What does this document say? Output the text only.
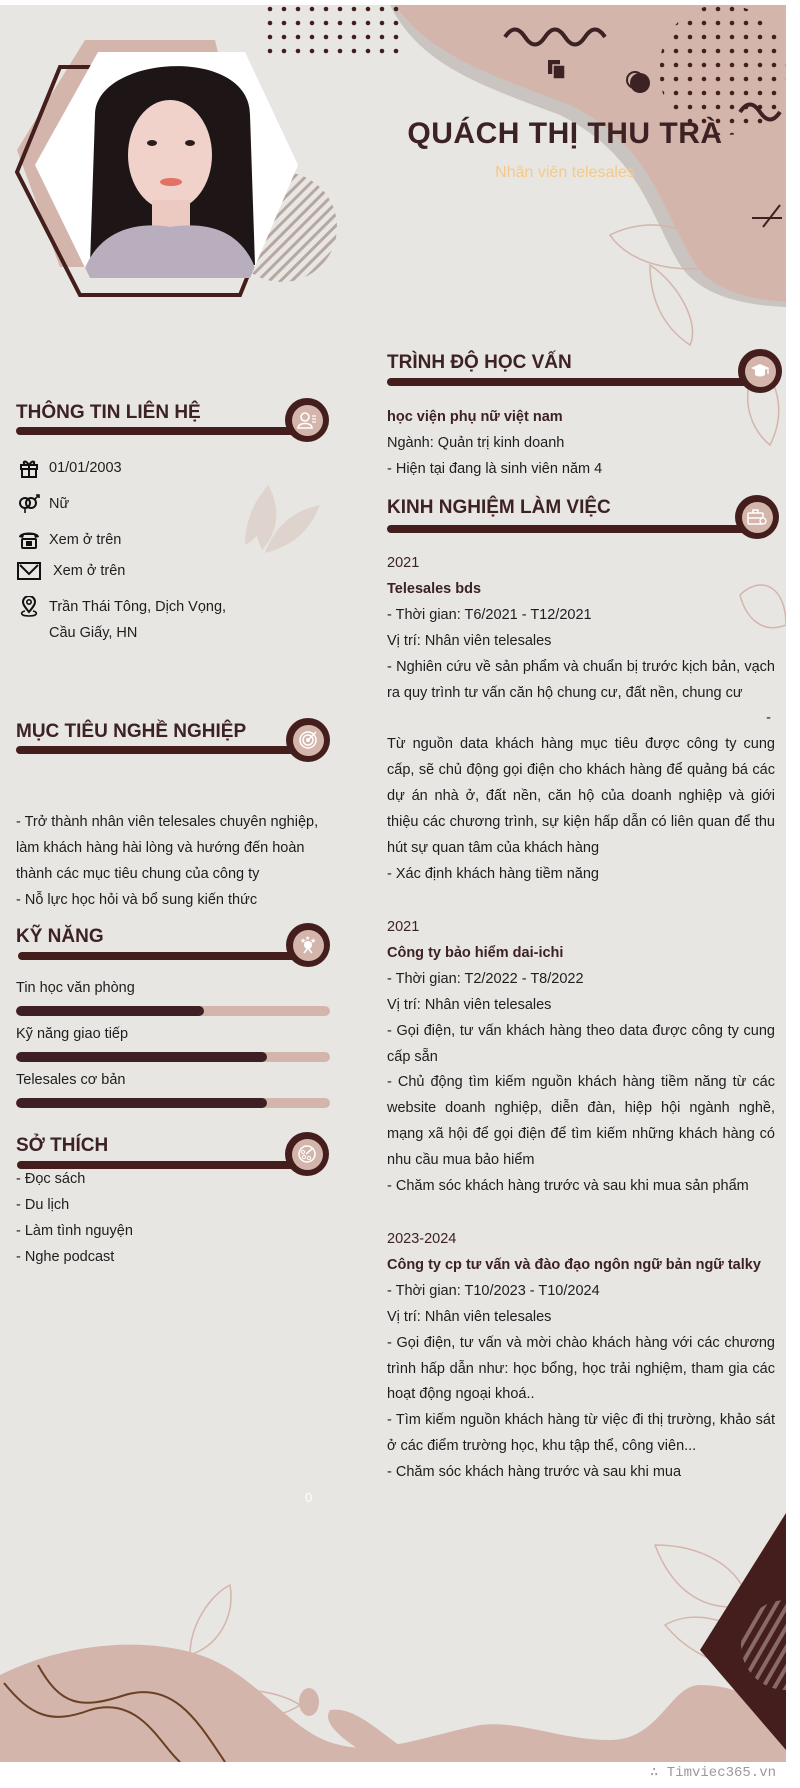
QUÁCH THỊ THU TRÀ
Nhân viên telesales
THÔNG TIN LIÊN HỆ
01/01/2003
Nữ
Xem ở trên
Xem ở trên
Trần Thái Tông, Dịch Vọng, Cầu Giấy, HN
MỤC TIÊU NGHỀ NGHIỆP
- Trở thành nhân viên telesales chuyên nghiệp, làm khách hàng hài lòng và hướng đến hoàn thành các mục tiêu chung của công ty
- Nỗ lực học hỏi và bổ sung kiến thức
KỸ NĂNG	★ ★
★
Tin học văn phòng
Kỹ năng giao tiếp
Telesales cơ bản
SỞ THÍCH
- Đọc sách
- Du lịch
- Làm tình nguyện
- Nghe podcast
TRÌNH ĐỘ HỌC VẤN
học viện phụ nữ việt nam
Ngành: Quản trị kinh doanh
- Hiện tại đang là sinh viên năm 4
KINH NGHIỆM LÀM VIỆC
2021
Telesales bds
- Thời gian: T6/2021 - T12/2021
Vị trí: Nhân viên telesales
- Nghiên cứu về sản phẩm và chuẩn bị trước kịch bản, vạch ra quy trình tư vấn căn hộ chung cư, đất nền, chung cư
-
Từ nguồn data khách hàng mục tiêu được công ty cung cấp, sẽ chủ động gọi điện cho khách hàng để quảng bá các dự án nhà ở, đất nền, căn hộ của doanh nghiệp và giới thiệu các chương trình, sự kiện hấp dẫn có liên quan để thu hút sự quan tâm của khách hàng
- Xác định khách hàng tiềm năng
2021
Công ty bảo hiểm dai-ichi
- Thời gian: T2/2022 - T8/2022
Vị trí: Nhân viên telesales
- Gọi điện, tư vấn khách hàng theo data được công ty cung cấp sẵn
- Chủ động tìm kiếm nguồn khách hàng tiềm năng từ các website doanh nghiệp, diễn đàn, hiệp hội ngành nghề, mạng xã hội để gọi điện để tìm kiếm những khách hàng có nhu cầu mua bảo hiểm
- Chăm sóc khách hàng trước và sau khi mua sản phẩm
2023-2024
Công ty cp tư vấn và đào đạo ngôn ngữ bản ngữ talky
- Thời gian: T10/2023 - T10/2024
Vị trí: Nhân viên telesales
- Gọi điện, tư vấn và mời chào khách hàng với các chương trình hấp dẫn như: học bổng, học trải nghiệm, tham gia các hoạt động ngoại khoá..
- Tìm kiếm nguồn khách hàng từ việc đi thị trường, khảo sát ở các điểm trường học, khu tập thể, công viên...
- Chăm sóc khách hàng trước và sau khi mua
0
∴ Timviec365.vn
